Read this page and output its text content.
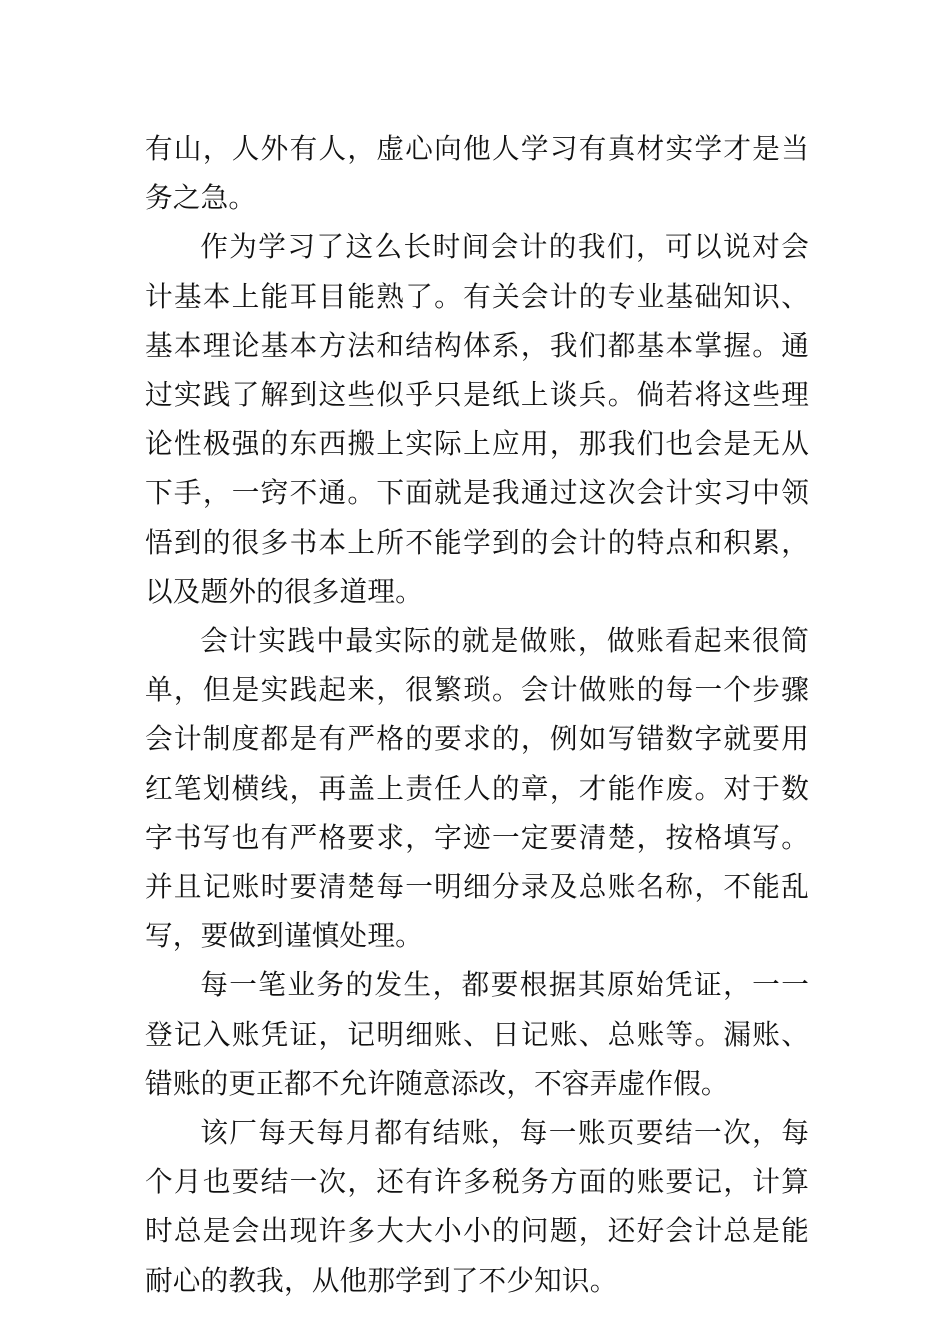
有山，人外有人，虚心向他人学习有真材实学才是当务之急。

作为学习了这么长时间会计的我们，可以说对会计基本上能耳目能熟了。有关会计的专业基础知识、基本理论基本方法和结构体系，我们都基本掌握。通过实践了解到这些似乎只是纸上谈兵。倘若将这些理论性极强的东西搬上实际上应用，那我们也会是无从下手，一窍不通。下面就是我通过这次会计实习中领悟到的很多书本上所不能学到的会计的特点和积累，以及题外的很多道理。

会计实践中最实际的就是做账，做账看起来很简单，但是实践起来，很繁琐。会计做账的每一个步骤会计制度都是有严格的要求的，例如写错数字就要用红笔划横线，再盖上责任人的章，才能作废。对于数字书写也有严格要求，字迹一定要清楚，按格填写。并且记账时要清楚每一明细分录及总账名称，不能乱写，要做到谨慎处理。

每一笔业务的发生，都要根据其原始凭证，一一登记入账凭证，记明细账、日记账、总账等。漏账、错账的更正都不允许随意添改，不容弄虚作假。

该厂每天每月都有结账，每一账页要结一次，每个月也要结一次，还有许多税务方面的账要记，计算时总是会出现许多大大小小的问题，还好会计总是能耐心的教我，从他那学到了不少知识。
